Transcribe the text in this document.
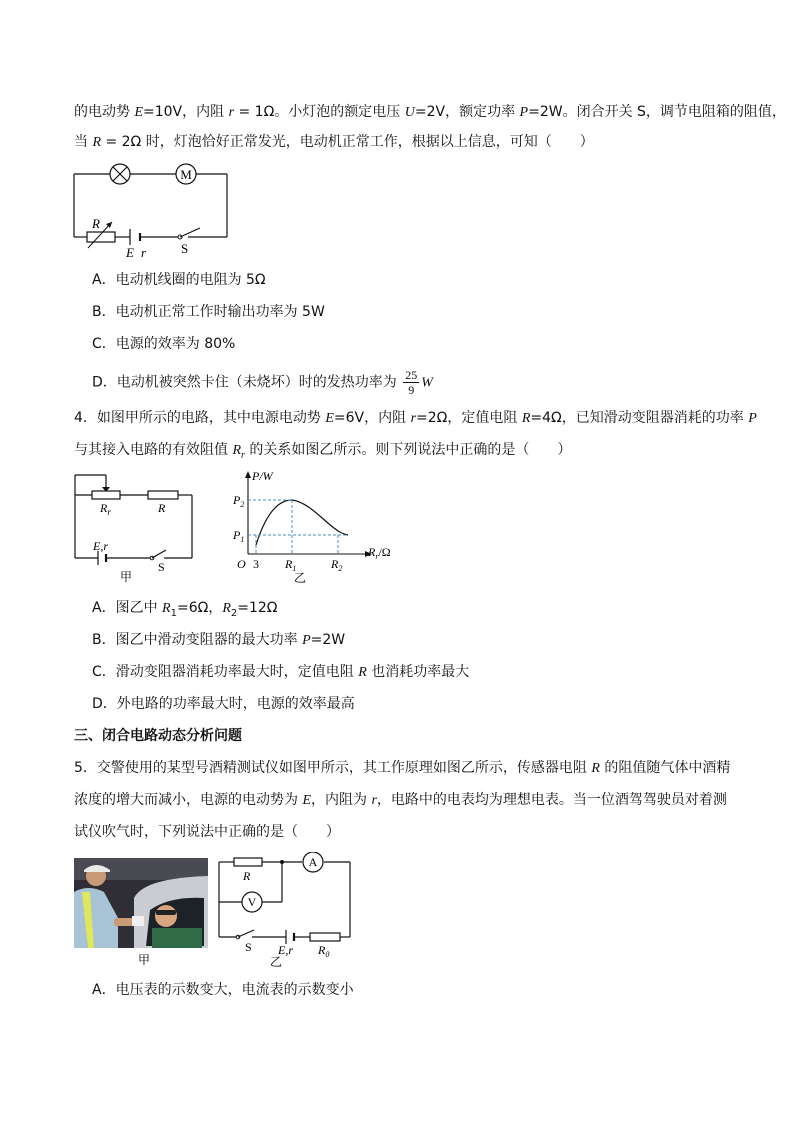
的电动势 E=10V，内阻 r = 1Ω。小灯泡的额定电压 U=2V，额定功率 P=2W。闭合开关 S，调节电阻箱的阻值，
当 R = 2Ω 时，灯泡恰好正常发光，电动机正常工作，根据以上信息，可知（　　）
M
R
E r	S
A．电动机线圈的电阻为 5Ω
B．电动机正常工作时输出功率为 5W
C．电源的效率为 80%
D．电动机被突然卡住（未烧坏）时的发热功率为 $\frac{25}{9}$ W
4．如图甲所示的电路，其中电源电动势 E=6V，内阻 r=2Ω，定值电阻 R=4Ω，已知滑动变阻器消耗的功率 P
与其接入电路的有效阻值 $R_r$ 的关系如图乙所示。则下列说法中正确的是（　　）
$R_r$	R
E,r
S
甲
P/W
$P_2$
$P_1$
O 3 $R_1$	$R_2$
$R_r/\Omega$
乙
A．图乙中 $R_1=6\Omega$，$R_2=12\Omega$
B．图乙中滑动变阻器的最大功率 P=2W
C．滑动变阻器消耗功率最大时，定值电阻 R 也消耗功率最大
D．外电路的功率最大时，电源的效率最高
三、闭合电路动态分析问题
5．交警使用的某型号酒精测试仪如图甲所示，其工作原理如图乙所示，传感器电阻 R 的阻值随气体中酒精
浓度的增大而减小，电源的电动势为 E，内阻为 r，电路中的电表均为理想电表。当一位酒驾驾驶员对着测
试仪吹气时，下列说法中正确的是（　　）
甲
R
A
V
S E,r $R_0$
乙
A．电压表的示数变大，电流表的示数变小
